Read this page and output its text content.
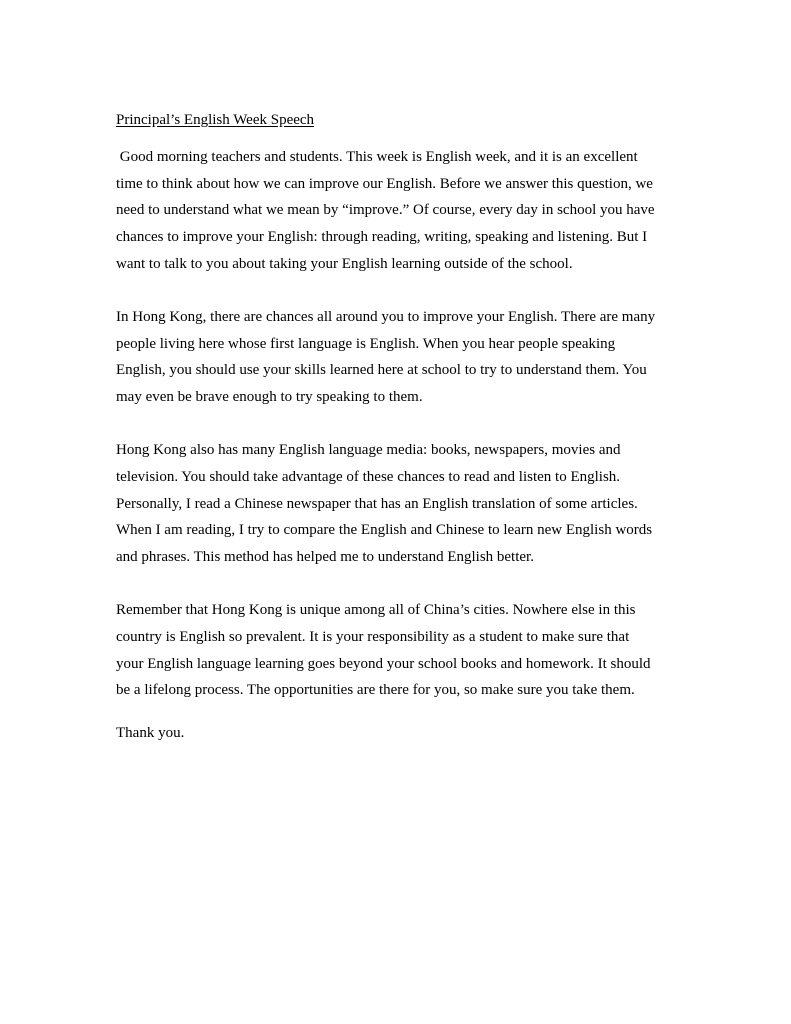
Principal’s English Week Speech

Good morning teachers and students. This week is English week, and it is an excellent
time to think about how we can improve our English. Before we answer this question, we
need to understand what we mean by “improve.” Of course, every day in school you have
chances to improve your English: through reading, writing, speaking and listening. But I
want to talk to you about taking your English learning outside of the school.

In Hong Kong, there are chances all around you to improve your English. There are many
people living here whose first language is English. When you hear people speaking
English, you should use your skills learned here at school to try to understand them. You
may even be brave enough to try speaking to them.

Hong Kong also has many English language media: books, newspapers, movies and
television. You should take advantage of these chances to read and listen to English.
Personally, I read a Chinese newspaper that has an English translation of some articles.
When I am reading, I try to compare the English and Chinese to learn new English words
and phrases. This method has helped me to understand English better.

Remember that Hong Kong is unique among all of China’s cities. Nowhere else in this
country is English so prevalent. It is your responsibility as a student to make sure that
your English language learning goes beyond your school books and homework. It should
be a lifelong process. The opportunities are there for you, so make sure you take them.

Thank you.
